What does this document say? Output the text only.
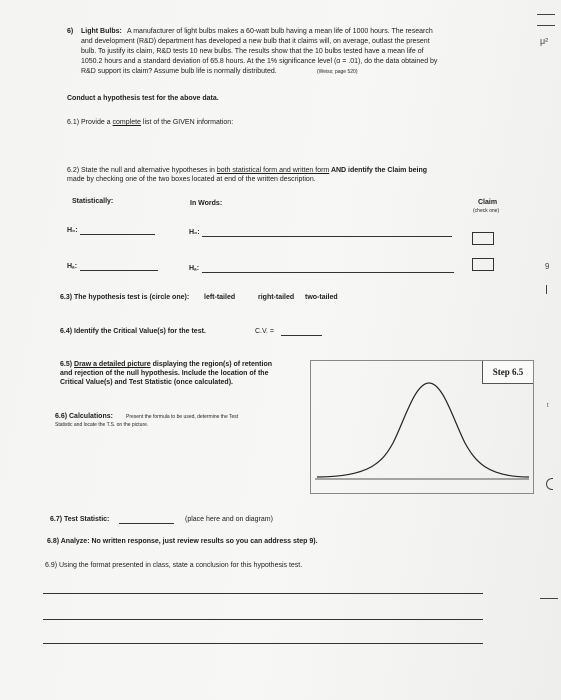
6) Light Bulbs: A manufacturer of light bulbs makes a 60-watt bulb having a mean life of 1000 hours. The research
and development (R&D) department has developed a new bulb that it claims will, on average, outlast the present
bulb. To justify its claim, R&D tests 10 new bulbs. The results show that the 10 bulbs tested have a mean life of
1050.2 hours and a standard deviation of 65.8 hours. At the 1% significance level (α = .01), do the data obtained by
R&D support its claim? Assume bulb life is normally distributed.	(Weiss; page 520)
Conduct a hypothesis test for the above data.
6.1) Provide a complete list of the GIVEN information:
6.2) State the null and alternative hypotheses in both statistical form and written form AND identify the Claim being
made by checking one of the two boxes located at end of the written description.
Statistically:	In Words:	Claim
(check one)
H₀:	H₀:
Hₐ:	Hₐ:
6.3) The hypothesis test is (circle one): left-tailed	right-tailed two-tailed
6.4) Identify the Critical Value(s) for the test.	C.V. =
6.5) Draw a detailed picture displaying the region(s) of retention
and rejection of the null hypothesis. Include the location of the
Critical Value(s) and Test Statistic (once calculated).
Step 6.5
6.6) Calculations:	Present the formula to be used, determine the Test
Statistic and locate the T.S. on the picture.
6.7) Test Statistic:	(place here and on diagram)
6.8) Analyze: No written response, just review results so you can address step 9).
6.9) Using the format presented in class, state a conclusion for this hypothesis test.
μ²
9
t
